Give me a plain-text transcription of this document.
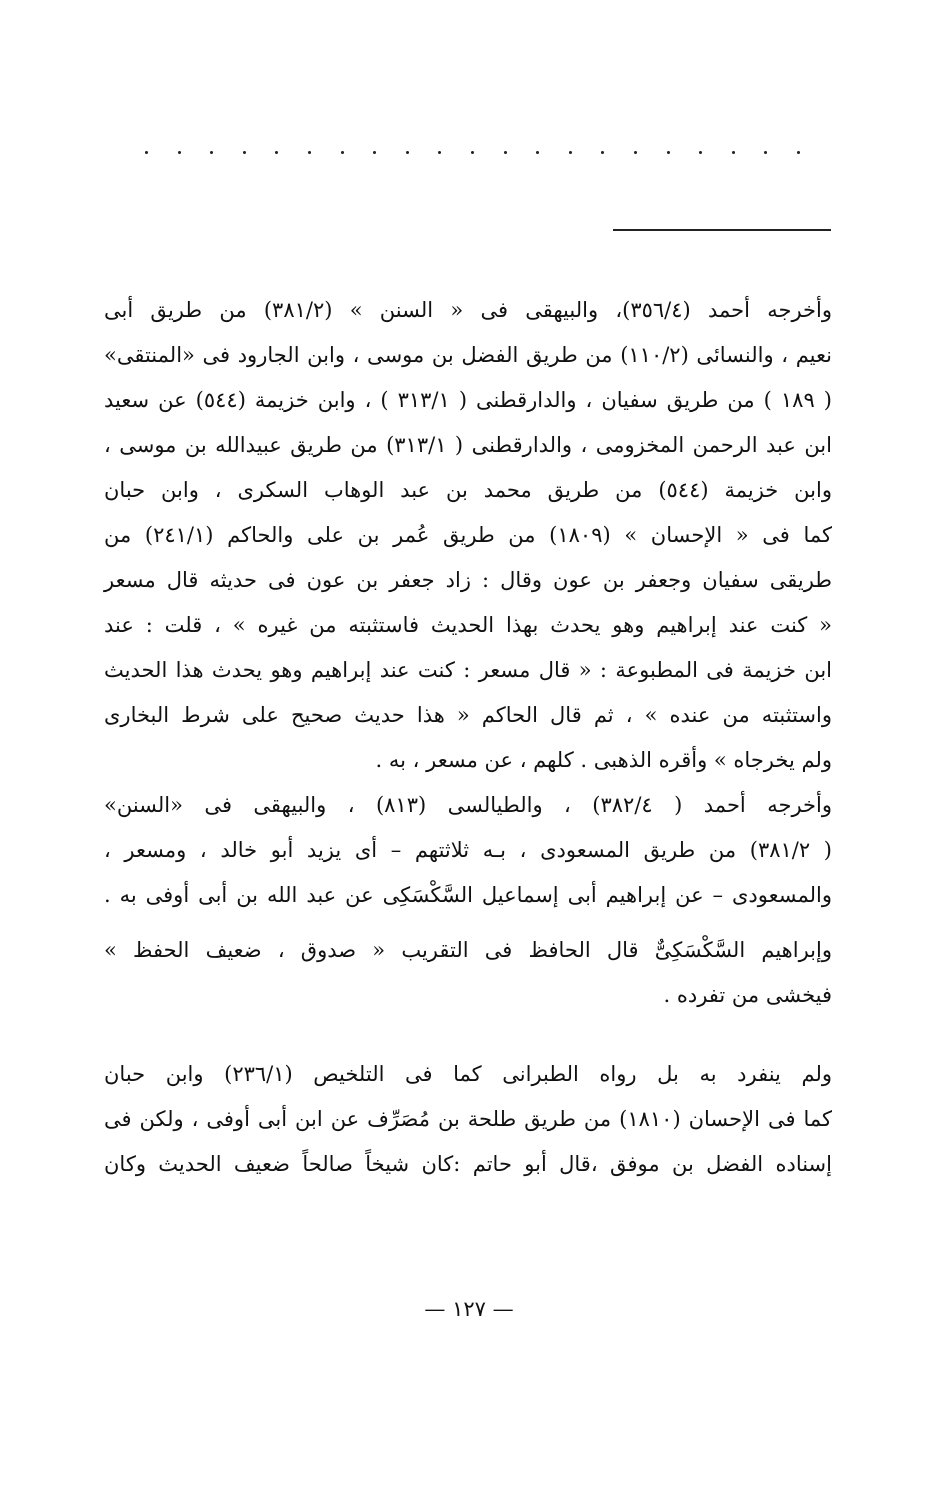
وأخرجه أحمد (٣٥٦/٤)، والبيهقى فى « السنن » (٣٨١/٢) من طريق أبى
نعيم ، والنسائى (١١٠/٢) من طريق الفضل بن موسى ، وابن الجارود فى «المنتقى»
( ١٨٩ ) من طريق سفيان ، والدارقطنى ( ٣١٣/١ ) ، وابن خزيمة (٥٤٤) عن سعيد
ابن عبد الرحمن المخزومى ، والدارقطنى ( ٣١٣/١) من طريق عبيدالله بن موسى ،
وابن خزيمة (٥٤٤) من طريق محمد بن عبد الوهاب السكرى ، وابن حبان
كما فى « الإحسان » (١٨٠٩) من طريق عُمر بن على والحاكم (٢٤١/١) من
طريقى سفيان وجعفر بن عون وقال : زاد جعفر بن عون فى حديثه قال مسعر
« كنت عند إبراهيم وهو يحدث بهذا الحديث فاستثبته من غيره » ، قلت : عند
ابن خزيمة فى المطبوعة : « قال مسعر : كنت عند إبراهيم وهو يحدث هذا الحديث
واستثبته من عنده » ، ثم قال الحاكم « هذا حديث صحيح على شرط البخارى
ولم يخرجاه » وأقره الذهبى . كلهم ، عن مسعر ، به .
وأخرجه أحمد ( ٣٨٢/٤) ، والطيالسى (٨١٣) ، والبيهقى فى «السنن»
( ٣٨١/٢) من طريق المسعودى ، بـه ثلاثتهم – أى يزيد أبو خالد ، ومسعر ،
والمسعودى – عن إبراهيم أبى إسماعيل السَّكْسَكِى عن عبد الله بن أبى أوفى به .
وإبراهيم السَّكْسَكِىٌّ قال الحافظ فى التقريب « صدوق ، ضعيف الحفظ »
فيخشى من تفرده .
ولم ينفرد به بل رواه الطبرانى كما فى التلخيص (٢٣٦/١) وابن حبان
كما فى الإحسان (١٨١٠) من طريق طلحة بن مُصَرِّف عن ابن أبى أوفى ، ولكن فى
إسناده الفضل بن موفق ،قال أبو حاتم :كان شيخاً صالحاً ضعيف الحديث وكان
— ١٢٧ —
